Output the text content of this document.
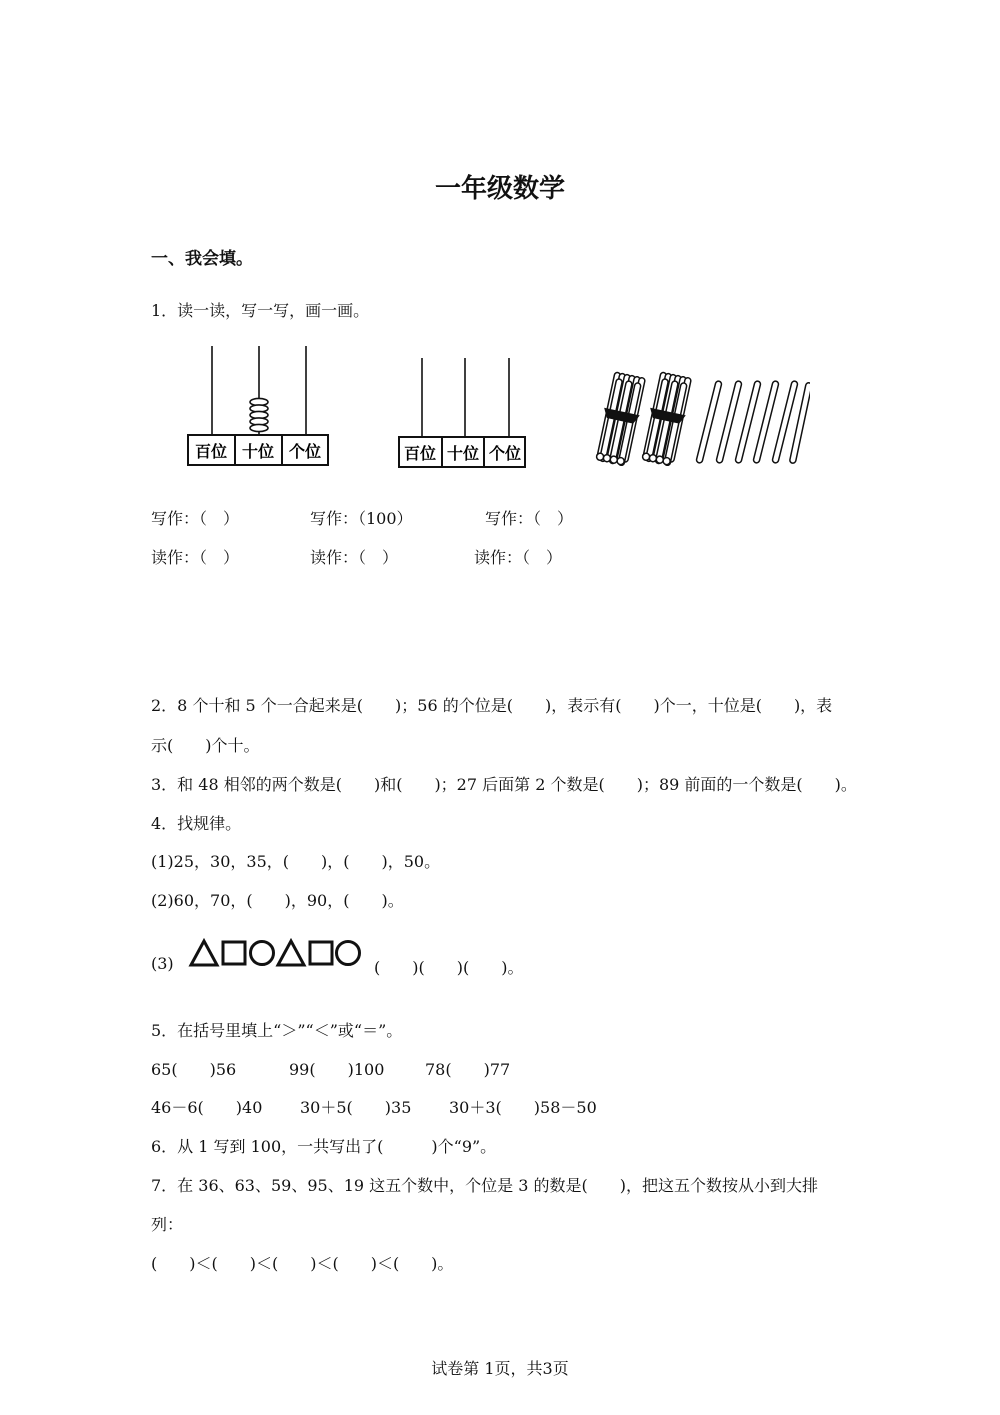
一年级数学
一、我会填。
1．读一读，写一写，画一画。
百位 十位 个位	百位 十位 个位
写作：（　）	写作：（100）	写作：（　）
读作：（　）	读作：（　）	读作：（　）
2．8 个十和 5 个一合起来是(　　)；56 的个位是(　　)，表示有(　　)个一，十位是(　　)，表
示(　　)个十。
3．和 48 相邻的两个数是(　　)和(　　)；27 后面第 2 个数是(　　)；89 前面的一个数是(　　)。
4．找规律。
(1)25，30，35，(　　)，(　　)，50。
(2)60，70，(　　)，90，(　　)。
(3)	(　　)(　　)(　　)。
5．在括号里填上“＞”“＜”或“＝”。
65(　　)56	99(　　)100	78(　　)77
46－6(　　)40 30＋5(　　)35 30＋3(　　)58－50
6．从 1 写到 100，一共写出了(　　　)个“9”。
7．在 36、63、59、95、19 这五个数中，个位是 3 的数是(　　)，把这五个数按从小到大排
列：
(　　)＜(　　)＜(　　)＜(　　)＜(　　)。
试卷第 1页，共3页
